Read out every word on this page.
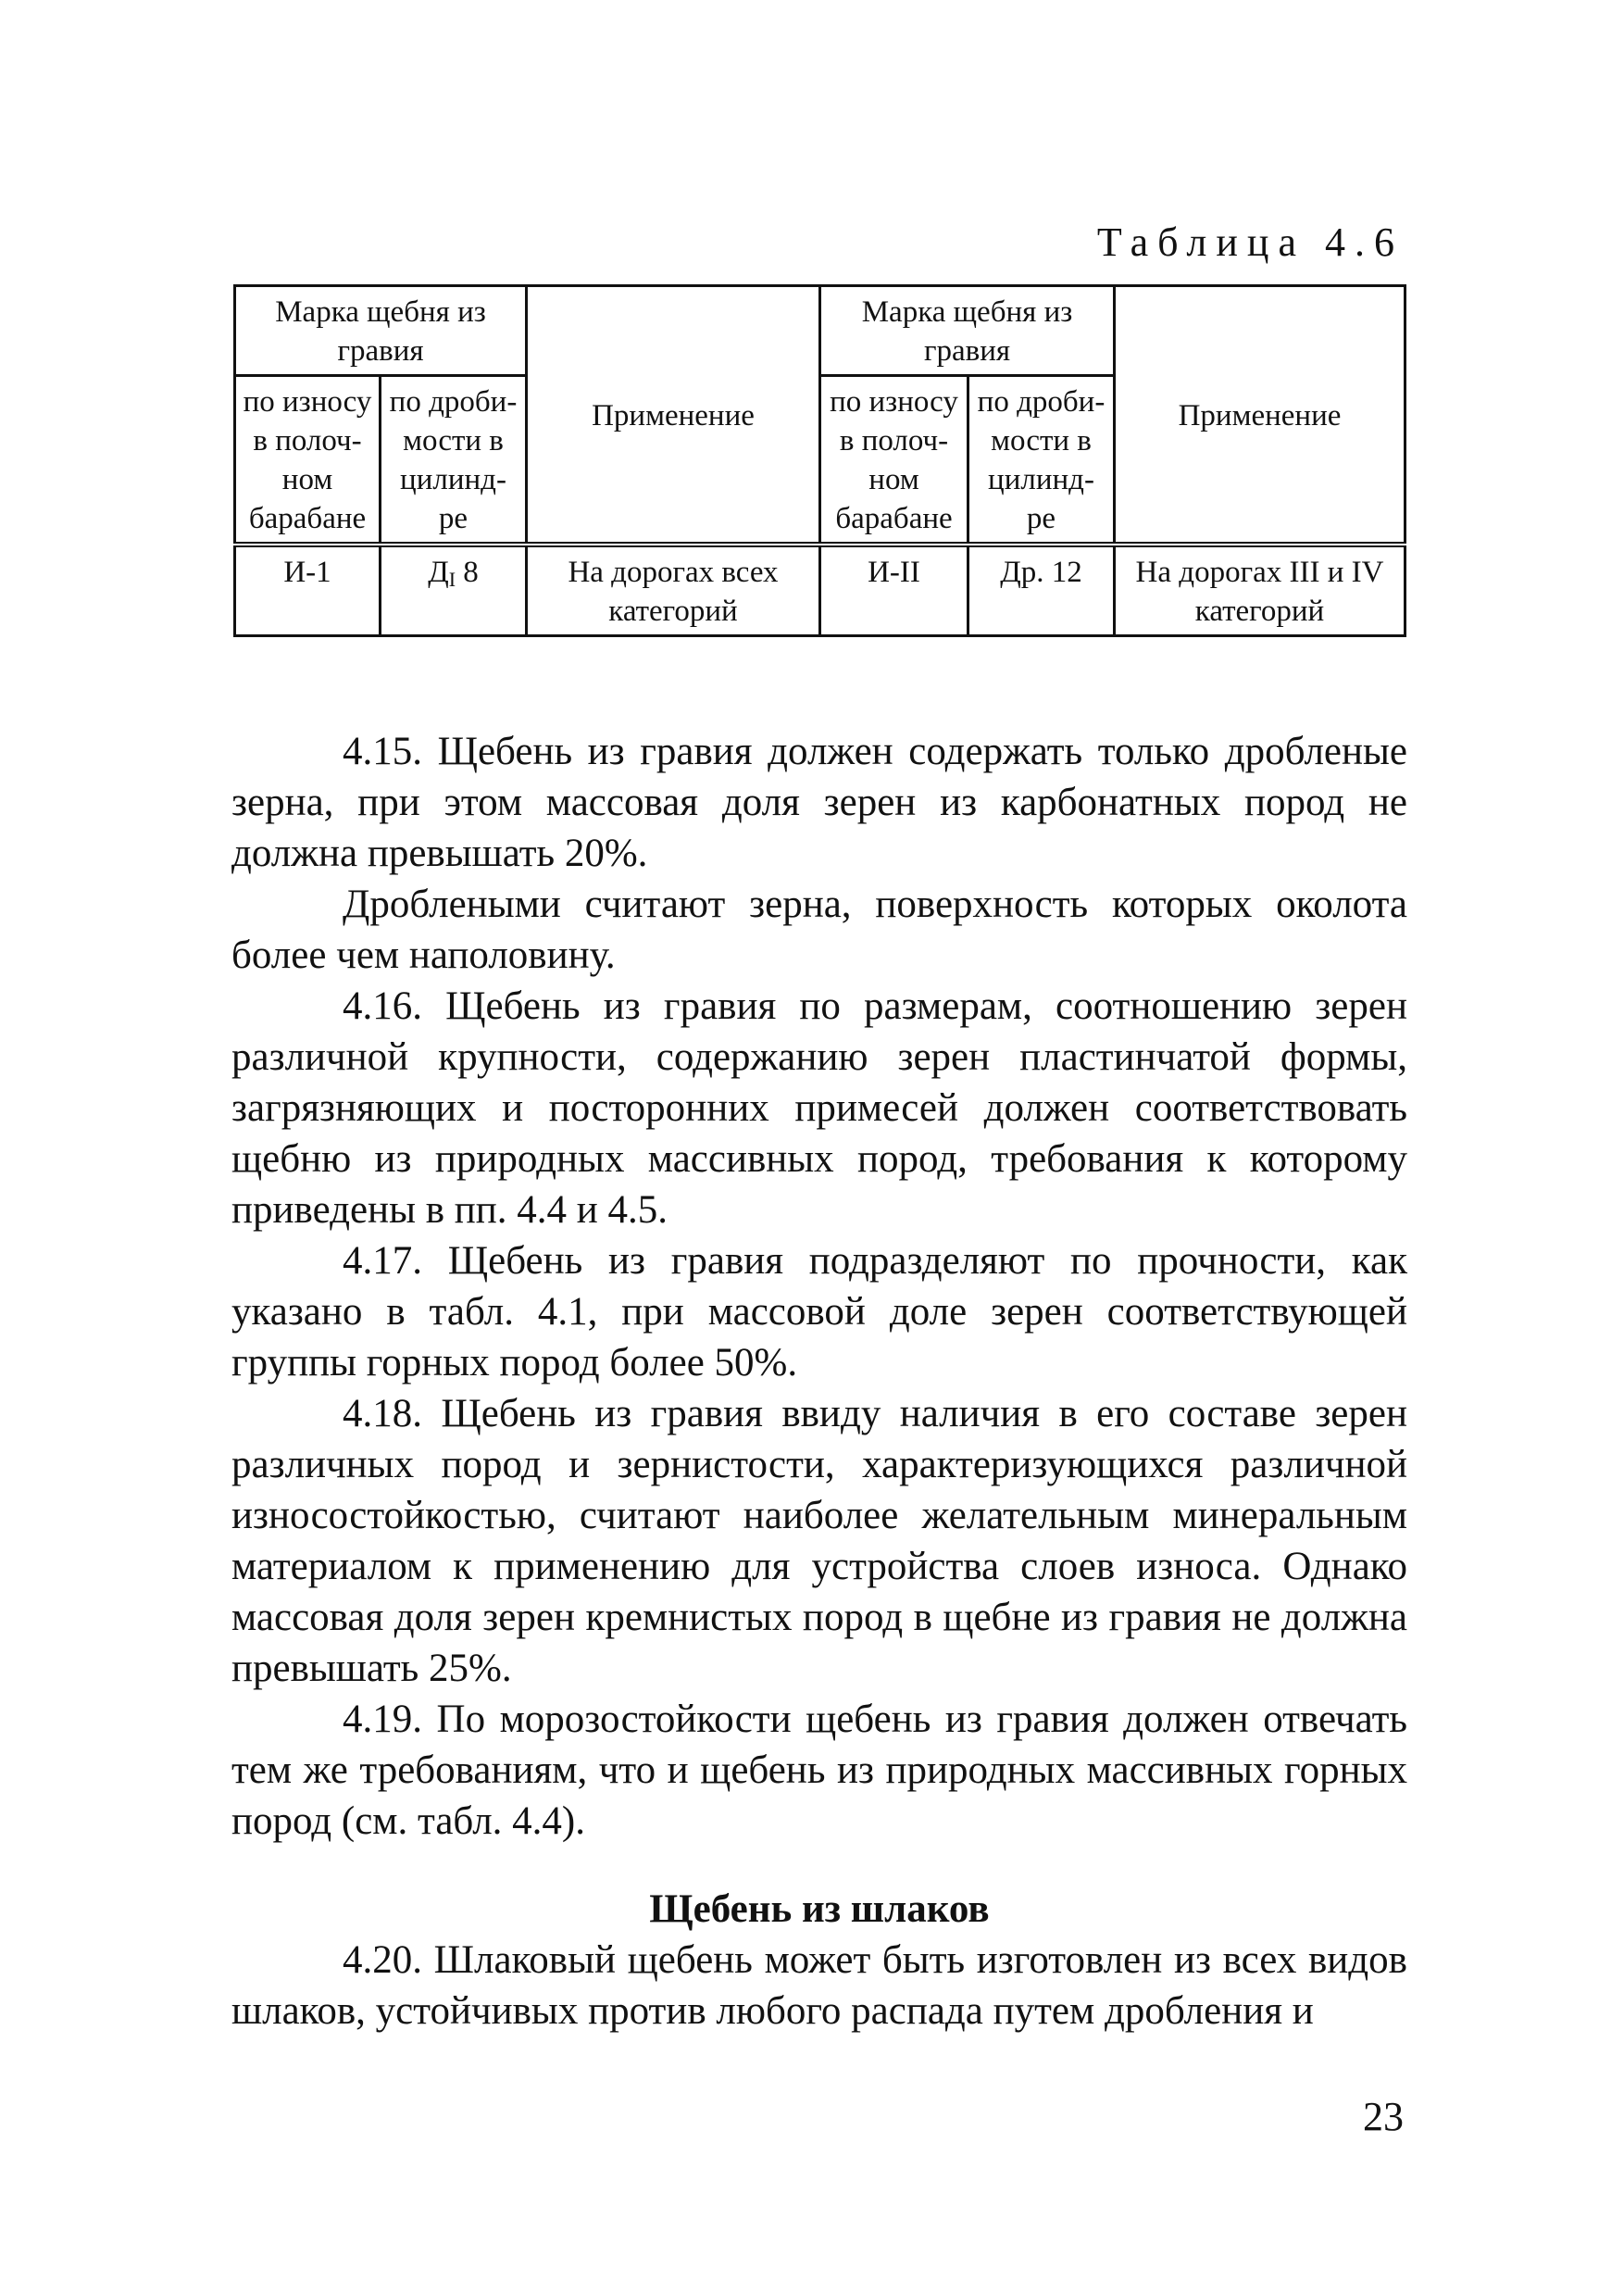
Таблица 4.6
Марка щебня из гравия		Применение	Марка щебня из гравия		Применение
по износу в полоч- ном барабане	по дроби- мости в цилинд- ре		по износу в полоч- ном барабане	по дроби- мости в цилинд- ре	
И-1	$Д_I$ 8	На дорогах всех категорий	И-II	Др. 12	На дорогах III и IV категорий

4.15. Щебень из гравия должен содержать только дробленые зерна, при этом массовая доля зерен из карбонатных пород не должна превышать 20%.

Дроблеными считают зерна, поверхность которых околота более чем наполовину.

4.16. Щебень из гравия по размерам, соотношению зерен различной крупности, содержанию зерен пластинчатой формы, загрязняющих и посторонних примесей должен соответствовать щебню из природных массивных пород, требования к которому приведены в пп. 4.4 и 4.5.

4.17. Щебень из гравия подразделяют по прочности, как указано в табл. 4.1, при массовой доле зерен соответствующей группы горных пород более 50%.

4.18. Щебень из гравия ввиду наличия в его составе зерен различных пород и зернистости, характеризующихся различной износостойкостью, считают наиболее желательным минеральным материалом к применению для устройства слоев износа. Однако массовая доля зерен кремнистых пород в щебне из гравия не должна превышать 25%.

4.19. По морозостойкости щебень из гравия должен отвечать тем же требованиям, что и щебень из природных массивных горных пород (см. табл. 4.4).

Щебень из шлаков

4.20. Шлаковый щебень может быть изготовлен из всех видов шлаков, устойчивых против любого распада путем дробления и

23
